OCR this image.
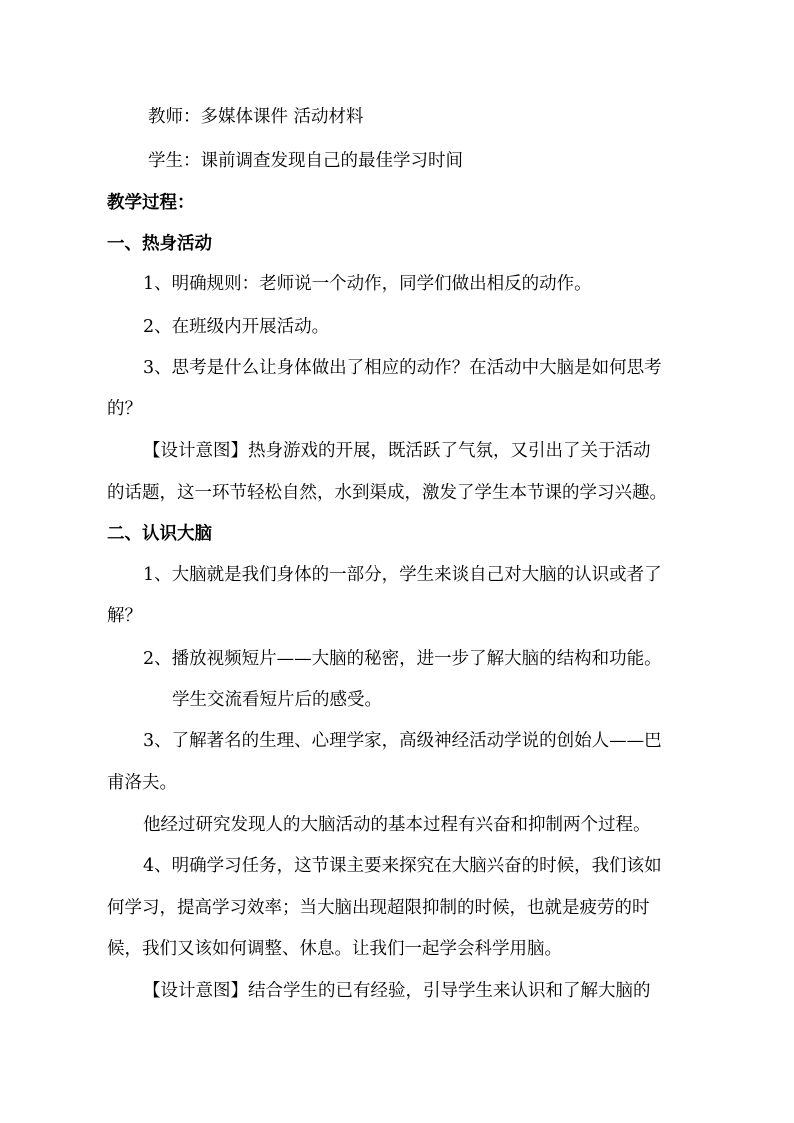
教师：多媒体课件 活动材料
学生：课前调查发现自己的最佳学习时间
教学过程：
一、热身活动
1、明确规则：老师说一个动作，同学们做出相反的动作。
2、在班级内开展活动。
3、思考是什么让身体做出了相应的动作？在活动中大脑是如何思考
的？
【设计意图】热身游戏的开展，既活跃了气氛，又引出了关于活动
的话题，这一环节轻松自然，水到渠成，激发了学生本节课的学习兴趣。
二、认识大脑
1、大脑就是我们身体的一部分，学生来谈自己对大脑的认识或者了
解？
2、播放视频短片——大脑的秘密，进一步了解大脑的结构和功能。
学生交流看短片后的感受。
3、了解著名的生理、心理学家，高级神经活动学说的创始人——巴
甫洛夫。
他经过研究发现人的大脑活动的基本过程有兴奋和抑制两个过程。
4、明确学习任务，这节课主要来探究在大脑兴奋的时候，我们该如
何学习，提高学习效率；当大脑出现超限抑制的时候，也就是疲劳的时
候，我们又该如何调整、休息。让我们一起学会科学用脑。
【设计意图】结合学生的已有经验，引导学生来认识和了解大脑的
